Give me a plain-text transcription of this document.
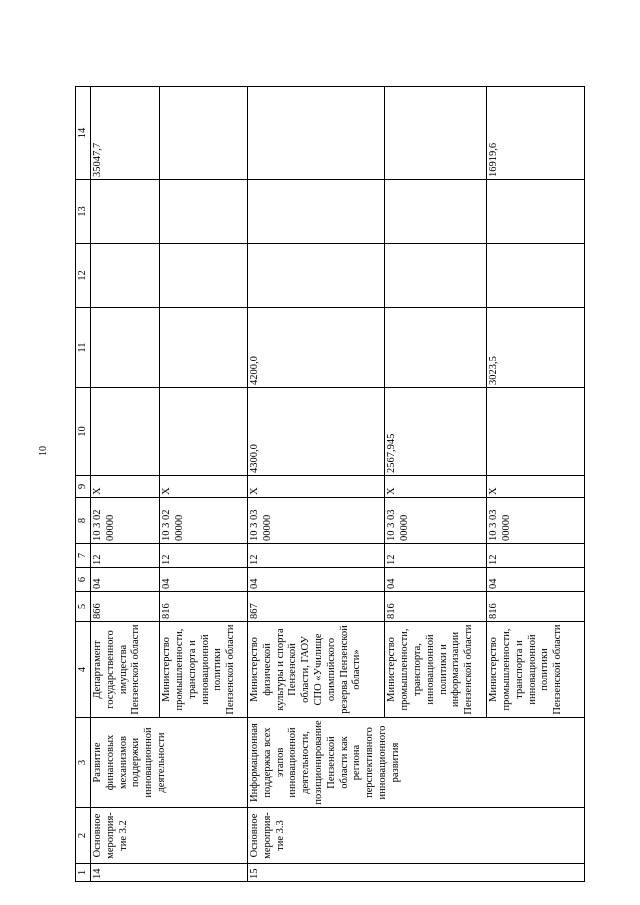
10
1	2	3	4	5	6	7	8	9	10	11	12	13	14
14	Основное мероприя-тие 3.2	Развитие финансовых механизмов поддержки инновационной деятельности	Департамент государственного имущества Пензенской области	866	04	12	10 3 02 00000	X					35047,7
			Министерство промышленности, транспорта и инновационной политики Пензенской области	816	04	12	10 3 02 00000	X					
15	Основное мероприя-тие 3.3	Информационная поддержка всех этапов инновационной деятельности, позиционирование Пензенской области как региона перспективного инновационного развития	Министерство физической культуры и спорта Пензенской области, ГАОУ СПО «Училище олимпийского резерва Пензенской области»	867	04	12	10 3 03 00000	X	4300,0	4200,0			
			Министерство промышленности, транспорта, инновационной политики и информатизации Пензенской области	816	04	12	10 3 03 00000	X	2567,945				
			Министерство промышленности, транспорта и инновационной политики Пензенской области	816	04	12	10 3 03 00000	X		3023,5			16919,6
